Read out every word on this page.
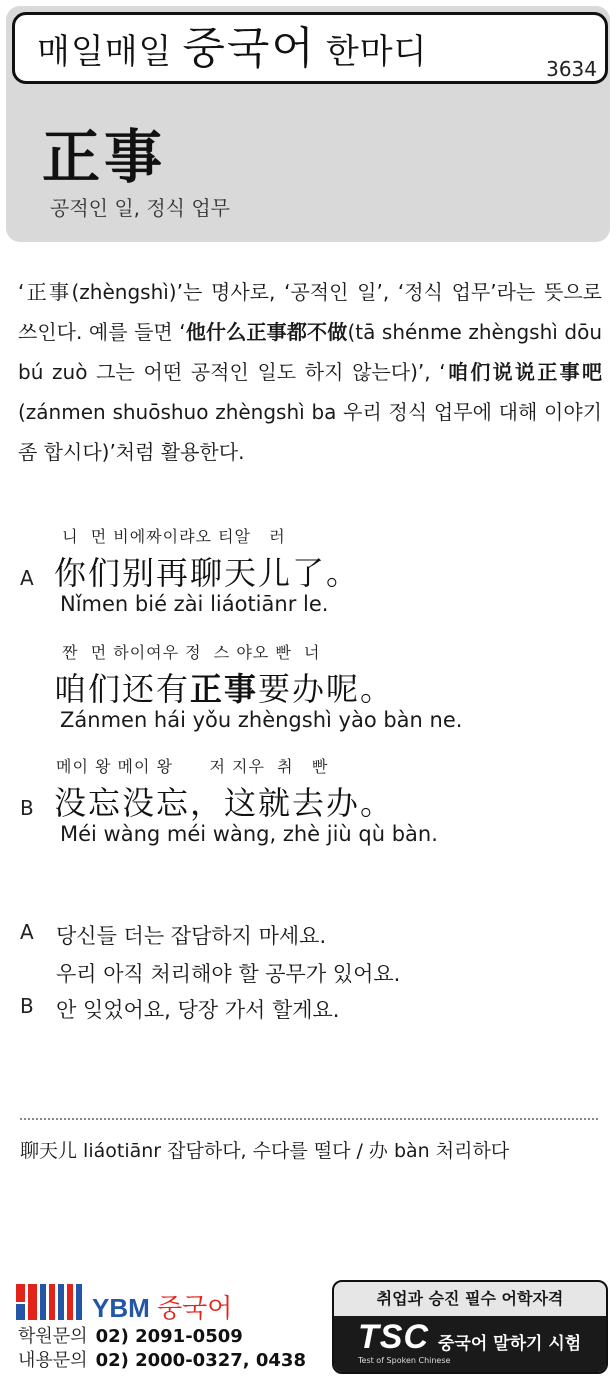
매일매일 중국어 한마디	3634
正事
공적인 일, 정식 업무
‘正事(zhèngshì)’는 명사로, ‘공적인 일’, ‘정식 업무’라는 뜻으로 쓰인다. 예를 들면 ‘他什么正事都不做(tā shénme zhèngshì dōu bú zuò 그는 어떤 공적인 일도 하지 않는다)’, ‘咱们说说正事吧(zánmen shuōshuo zhèngshì ba 우리 정식 업무에 대해 이야기 좀 합시다)’처럼 활용한다.
니  먼 비에짜이랴오 티알   러
A 你们别再聊天儿了。
Nǐmen bié zài liáotiānr le.
짠  먼 하이여우 정  스 야오 빤  너
咱们还有正事要办呢。
Zánmen hái yǒu zhèngshì yào bàn ne.
메이 왕 메이 왕      저 지우  취   빤
B 没忘没忘，这就去办。
Méi wàng méi wàng, zhè jiù qù bàn.
A 당신들 더는 잡담하지 마세요.
우리 아직 처리해야 할 공무가 있어요.
B 안 잊었어요, 당장 가서 할게요.
聊天儿 liáotiānr 잡담하다, 수다를 떨다 / 办 bàn 처리하다
YBM 중국어
학원문의 02) 2091-0509
내용문의 02) 2000-0327, 0438
취업과 승진 필수 어학자격
TSC
Test of Spoken Chinese
중국어 말하기 시험
